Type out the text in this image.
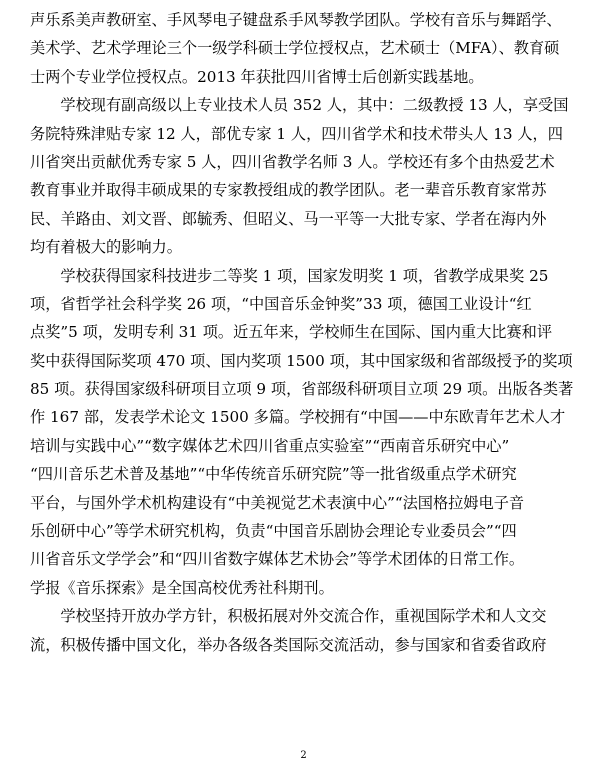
声乐系美声教研室、手风琴电子键盘系手风琴教学团队。学校有音乐与舞蹈学、
美术学、艺术学理论三个一级学科硕士学位授权点，艺术硕士（MFA）、教育硕
士两个专业学位授权点。2013 年获批四川省博士后创新实践基地。
　　学校现有副高级以上专业技术人员 352 人，其中：二级教授 13 人，享受国
务院特殊津贴专家 12 人，部优专家 1 人，四川省学术和技术带头人 13 人，四
川省突出贡献优秀专家 5 人，四川省教学名师 3 人。学校还有多个由热爱艺术
教育事业并取得丰硕成果的专家教授组成的教学团队。老一辈音乐教育家常苏
民、羊路由、刘文晋、郎毓秀、但昭义、马一平等一大批专家、学者在海内外
均有着极大的影响力。
　　学校获得国家科技进步二等奖 1 项，国家发明奖 1 项，省教学成果奖 25
项，省哲学社会科学奖 26 项，“中国音乐金钟奖”33 项，德国工业设计“红
点奖”5 项，发明专利 31 项。近五年来，学校师生在国际、国内重大比赛和评
奖中获得国际奖项 470 项、国内奖项 1500 项，其中国家级和省部级授予的奖项
85 项。获得国家级科研项目立项 9 项，省部级科研项目立项 29 项。出版各类著
作 167 部，发表学术论文 1500 多篇。学校拥有“中国——中东欧青年艺术人才
培训与实践中心”“数字媒体艺术四川省重点实验室”“西南音乐研究中心”
“四川音乐艺术普及基地”“中华传统音乐研究院”等一批省级重点学术研究
平台，与国外学术机构建设有“中美视觉艺术表演中心”“法国格拉姆电子音
乐创研中心”等学术研究机构，负责“中国音乐剧协会理论专业委员会”“四
川省音乐文学学会”和“四川省数字媒体艺术协会”等学术团体的日常工作。
学报《音乐探索》是全国高校优秀社科期刊。
　　学校坚持开放办学方针，积极拓展对外交流合作，重视国际学术和人文交
流，积极传播中国文化，举办各级各类国际交流活动，参与国家和省委省政府
2
